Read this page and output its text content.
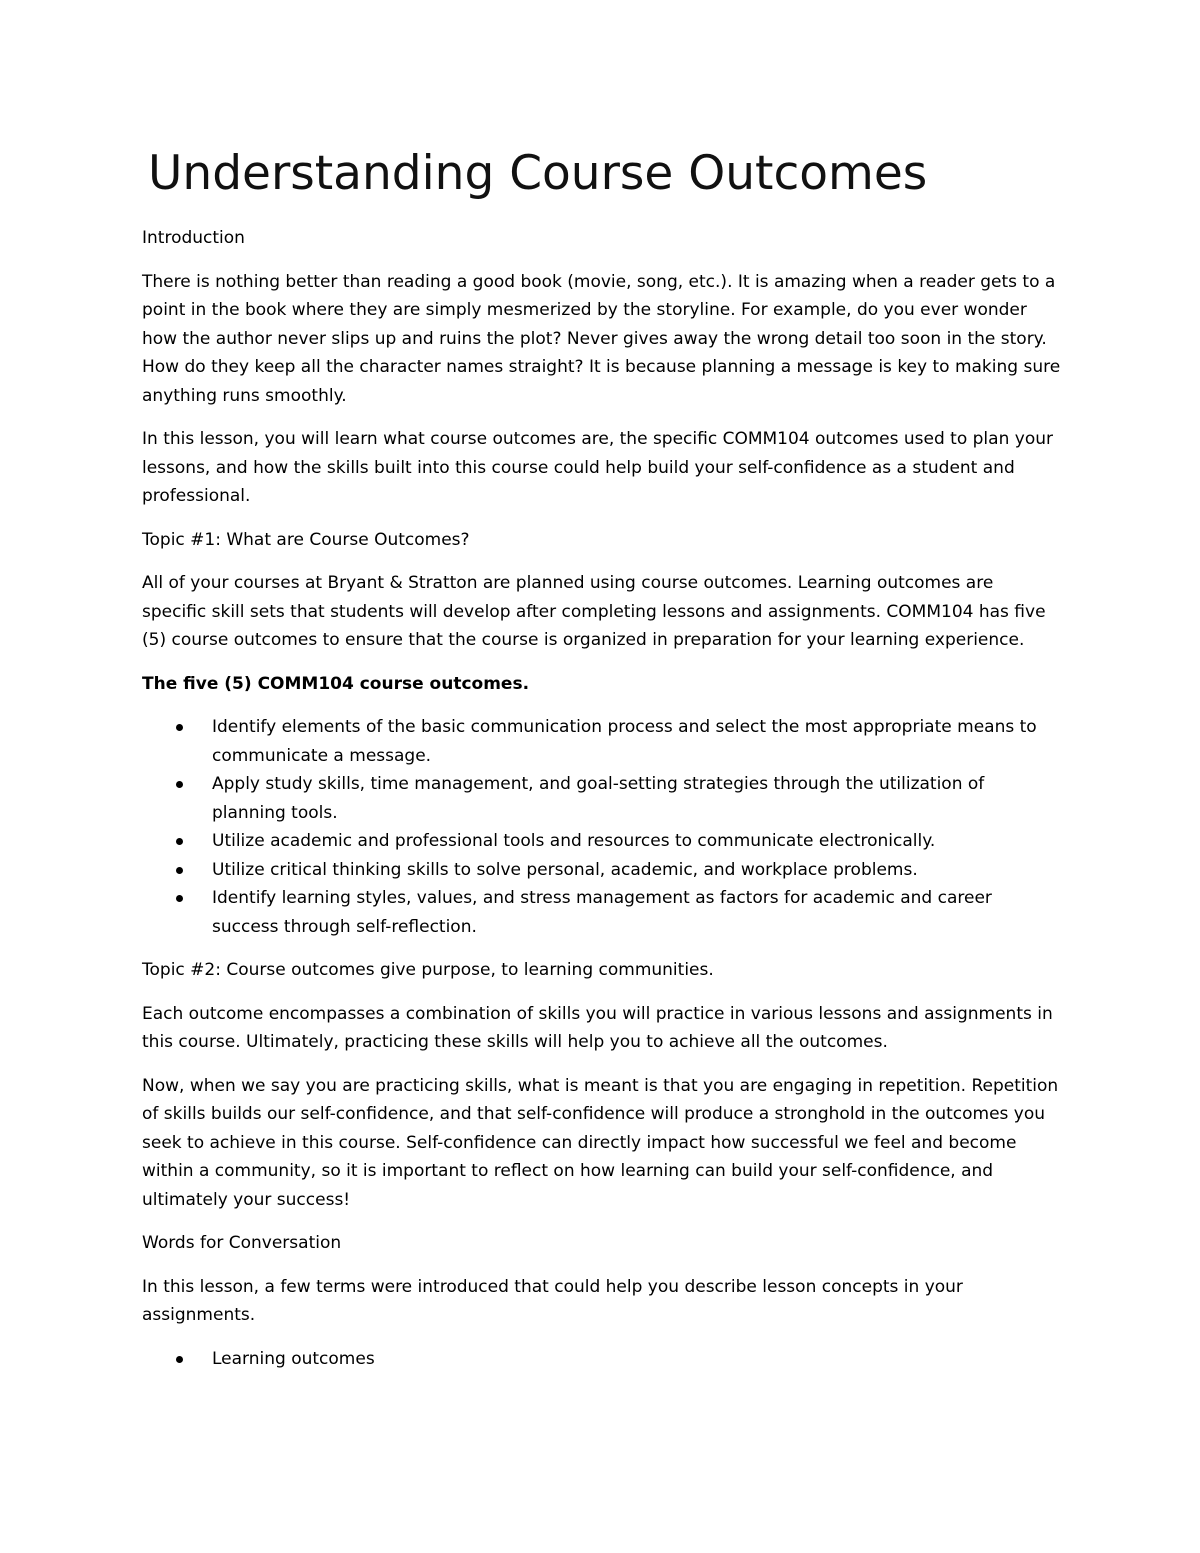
Understanding Course Outcomes

Introduction

There is nothing better than reading a good book (movie, song, etc.). It is amazing when a reader gets to a point in the book where they are simply mesmerized by the storyline. For example, do you ever wonder how the author never slips up and ruins the plot? Never gives away the wrong detail too soon in the story. How do they keep all the character names straight? It is because planning a message is key to making sure anything runs smoothly.

In this lesson, you will learn what course outcomes are, the specific COMM104 outcomes used to plan your lessons, and how the skills built into this course could help build your self-confidence as a student and professional.

Topic #1: What are Course Outcomes?

All of your courses at Bryant & Stratton are planned using course outcomes. Learning outcomes are specific skill sets that students will develop after completing lessons and assignments. COMM104 has five (5) course outcomes to ensure that the course is organized in preparation for your learning experience.

The five (5) COMM104 course outcomes.

Identify elements of the basic communication process and select the most appropriate means to communicate a message.
Apply study skills, time management, and goal-setting strategies through the utilization of planning tools.
Utilize academic and professional tools and resources to communicate electronically.
Utilize critical thinking skills to solve personal, academic, and workplace problems.
Identify learning styles, values, and stress management as factors for academic and career success through self-reflection.

Topic #2: Course outcomes give purpose, to learning communities.

Each outcome encompasses a combination of skills you will practice in various lessons and assignments in this course. Ultimately, practicing these skills will help you to achieve all the outcomes.

Now, when we say you are practicing skills, what is meant is that you are engaging in repetition. Repetition of skills builds our self-confidence, and that self-confidence will produce a stronghold in the outcomes you seek to achieve in this course. Self-confidence can directly impact how successful we feel and become within a community, so it is important to reflect on how learning can build your self-confidence, and ultimately your success!

Words for Conversation

In this lesson, a few terms were introduced that could help you describe lesson concepts in your assignments.

Learning outcomes
